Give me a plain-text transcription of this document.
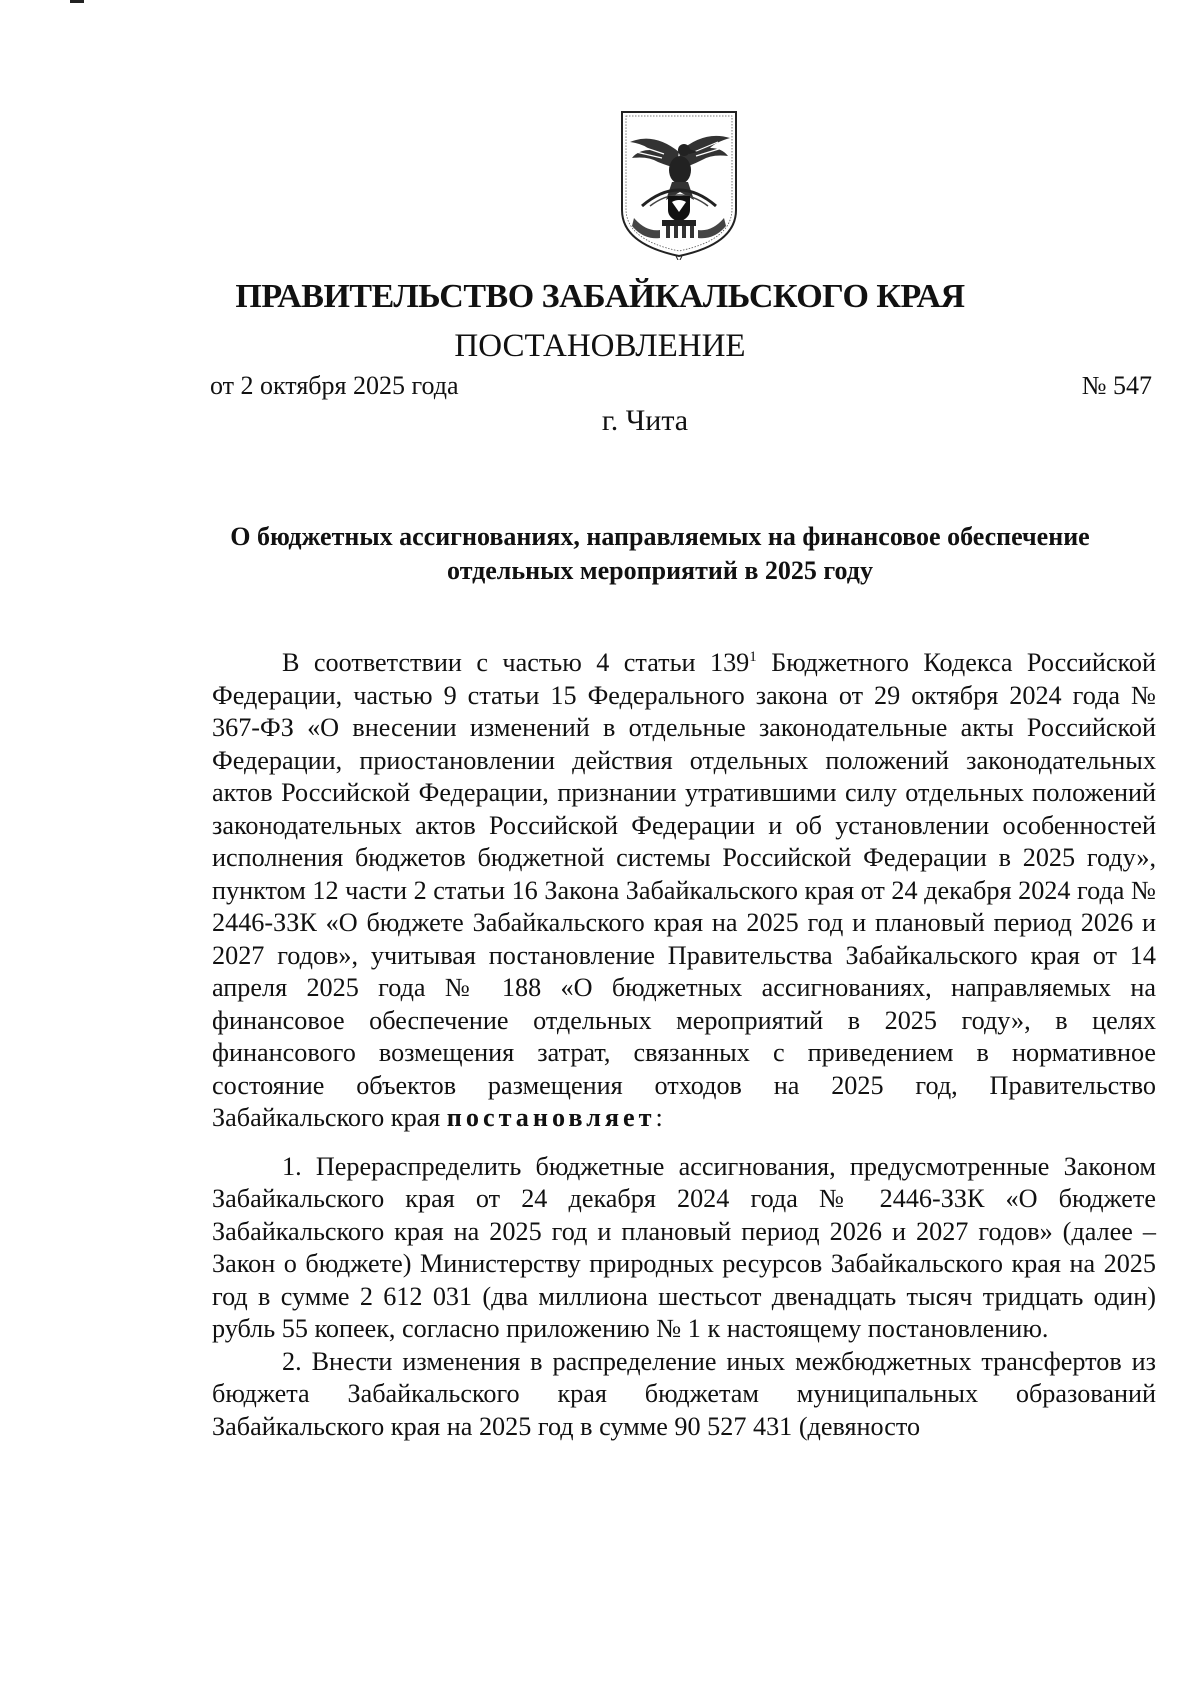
ПРАВИТЕЛЬСТВО ЗАБАЙКАЛЬСКОГО КРАЯ
ПОСТАНОВЛЕНИЕ
от 2 октября 2025 года	№ 547
г. Чита
О бюджетных ассигнованиях, направляемых на финансовое обеспечение отдельных мероприятий в 2025 году

В соответствии с частью 4 статьи $139^1$ Бюджетного Кодекса Российской Федерации, частью 9 статьи 15 Федерального закона от 29 октября 2024 года № 367-ФЗ «О внесении изменений в отдельные законодательные акты Российской Федерации, приостановлении действия отдельных положений законодательных актов Российской Федерации, признании утратившими силу отдельных положений законодательных актов Российской Федерации и об установлении особенностей исполнения бюджетов бюджетной системы Российской Федерации в 2025 году», пунктом 12 части 2 статьи 16 Закона Забайкальского края от 24 декабря 2024 года № 2446-ЗЗК «О бюджете Забайкальского края на 2025 год и плановый период 2026 и 2027 годов», учитывая постановление Правительства Забайкальского края от 14 апреля 2025 года № 188 «О бюджетных ассигнованиях, направляемых на финансовое обеспечение отдельных мероприятий в 2025 году», в целях финансового возмещения затрат, связанных с приведением в нормативное состояние объектов размещения отходов на 2025 год, Правительство Забайкальского края постановляет:

1. Перераспределить бюджетные ассигнования, предусмотренные Законом Забайкальского края от 24 декабря 2024 года № 2446-ЗЗК «О бюджете Забайкальского края на 2025 год и плановый период 2026 и 2027 годов» (далее – Закон о бюджете) Министерству природных ресурсов Забайкальского края на 2025 год в сумме 2 612 031 (два миллиона шестьсот двенадцать тысяч тридцать один) рубль 55 копеек, согласно приложению № 1 к настоящему постановлению.

2. Внести изменения в распределение иных межбюджетных трансфертов из бюджета Забайкальского края бюджетам муниципальных образований Забайкальского края на 2025 год в сумме 90 527 431 (девяносто
